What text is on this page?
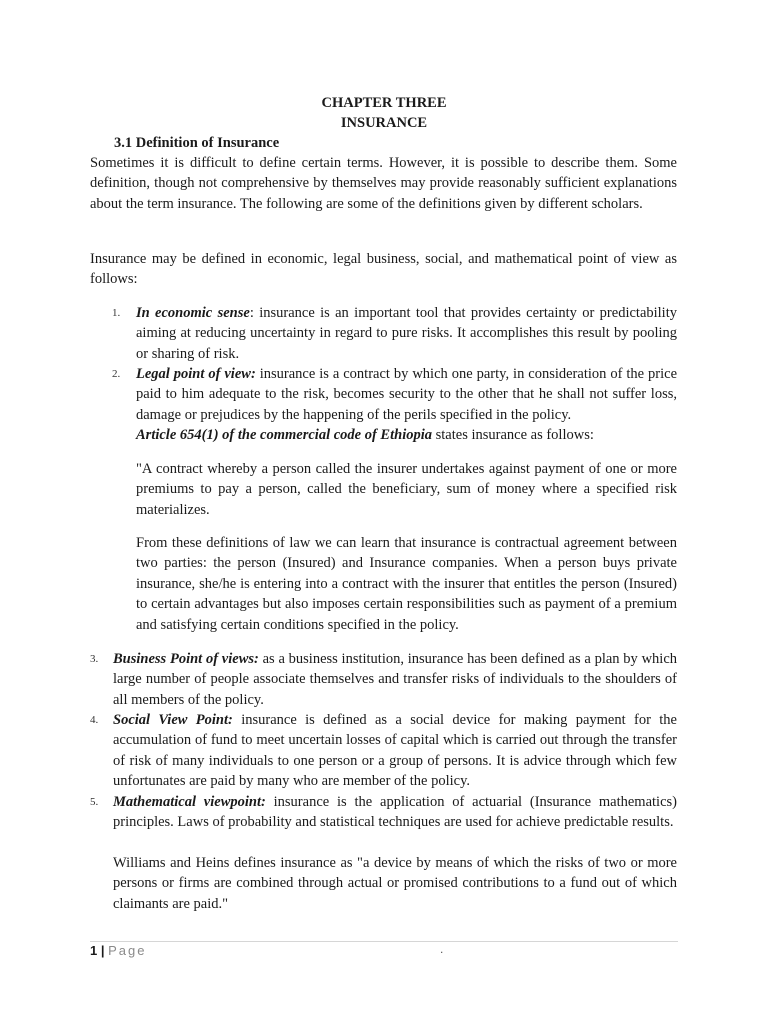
CHAPTER THREE
INSURANCE
3.1 Definition of Insurance
Sometimes it is difficult to define certain terms. However, it is possible to describe them. Some definition, though not comprehensive by themselves may provide reasonably sufficient explanations about the term insurance. The following are some of the definitions given by different scholars.
Insurance may be defined in economic, legal business, social, and mathematical point of view as follows:
1. In economic sense: insurance is an important tool that provides certainty or predictability aiming at reducing uncertainty in regard to pure risks. It accomplishes this result by pooling or sharing of risk.
2. Legal point of view: insurance is a contract by which one party, in consideration of the price paid to him adequate to the risk, becomes security to the other that he shall not suffer loss, damage or prejudices by the happening of the perils specified in the policy.
Article 654(1) of the commercial code of Ethiopia states insurance as follows:
"A contract whereby a person called the insurer undertakes against payment of one or more premiums to pay a person, called the beneficiary, sum of money where a specified risk materializes.
From these definitions of law we can learn that insurance is contractual agreement between two parties: the person (Insured) and Insurance companies. When a person buys private insurance, she/he is entering into a contract with the insurer that entitles the person (Insured) to certain advantages but also imposes certain responsibilities such as payment of a premium and satisfying certain conditions specified in the policy.
3. Business Point of views: as a business institution, insurance has been defined as a plan by which large number of people associate themselves and transfer risks of individuals to the shoulders of all members of the policy.
4. Social View Point: insurance is defined as a social device for making payment for the accumulation of fund to meet uncertain losses of capital which is carried out through the transfer of risk of many individuals to one person or a group of persons. It is advice through which few unfortunates are paid by many who are member of the policy.
5. Mathematical viewpoint: insurance is the application of actuarial (Insurance mathematics) principles. Laws of probability and statistical techniques are used for achieve predictable results.
Williams and Heins defines insurance as "a device by means of which the risks of two or more persons or firms are combined through actual or promised contributions to a fund out of which claimants are paid."
1 | Page	.
